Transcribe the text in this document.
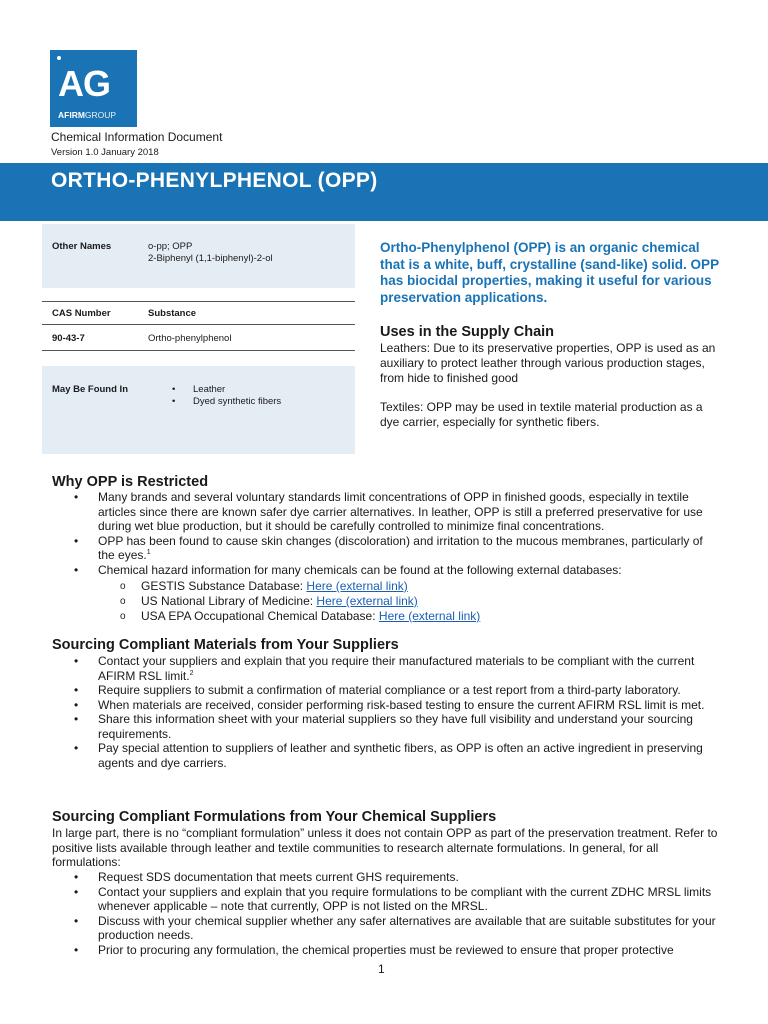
AG
AFIRMGROUP
Chemical Information Document
Version 1.0 January 2018
ORTHO-PHENYLPHENOL (OPP)
Other Names	o-pp; OPP
2-Biphenyl (1,1-biphenyl)-2-ol
CAS Number	Substance
90-43-7	Ortho-phenylphenol
May Be Found In	• Leather
• Dyed synthetic fibers
Ortho-Phenylphenol (OPP) is an organic chemical that is a white, buff, crystalline (sand-like) solid. OPP has biocidal properties, making it useful for various preservation applications.
Uses in the Supply Chain
Leathers: Due to its preservative properties, OPP is used as an auxiliary to protect leather through various production stages, from hide to finished good
Textiles: OPP may be used in textile material production as a dye carrier, especially for synthetic fibers.
Why OPP is Restricted
• Many brands and several voluntary standards limit concentrations of OPP in finished goods, especially in textile articles since there are known safer dye carrier alternatives. In leather, OPP is still a preferred preservative for use during wet blue production, but it should be carefully controlled to minimize final concentrations.
• OPP has been found to cause skin changes (discoloration) and irritation to the mucous membranes, particularly of the eyes.$^1$
• Chemical hazard information for many chemicals can be found at the following external databases:
o GESTIS Substance Database: Here (external link)
o US National Library of Medicine: Here (external link)
o USA EPA Occupational Chemical Database: Here (external link)
Sourcing Compliant Materials from Your Suppliers
• Contact your suppliers and explain that you require their manufactured materials to be compliant with the current AFIRM RSL limit.$^2$
• Require suppliers to submit a confirmation of material compliance or a test report from a third-party laboratory.
• When materials are received, consider performing risk-based testing to ensure the current AFIRM RSL limit is met.
• Share this information sheet with your material suppliers so they have full visibility and understand your sourcing requirements.
• Pay special attention to suppliers of leather and synthetic fibers, as OPP is often an active ingredient in preserving agents and dye carriers.
Sourcing Compliant Formulations from Your Chemical Suppliers
In large part, there is no “compliant formulation” unless it does not contain OPP as part of the preservation treatment. Refer to positive lists available through leather and textile communities to research alternate formulations. In general, for all formulations:
• Request SDS documentation that meets current GHS requirements.
• Contact your suppliers and explain that you require formulations to be compliant with the current ZDHC MRSL limits whenever applicable – note that currently, OPP is not listed on the MRSL.
• Discuss with your chemical supplier whether any safer alternatives are available that are suitable substitutes for your production needs.
• Prior to procuring any formulation, the chemical properties must be reviewed to ensure that proper protective
1
